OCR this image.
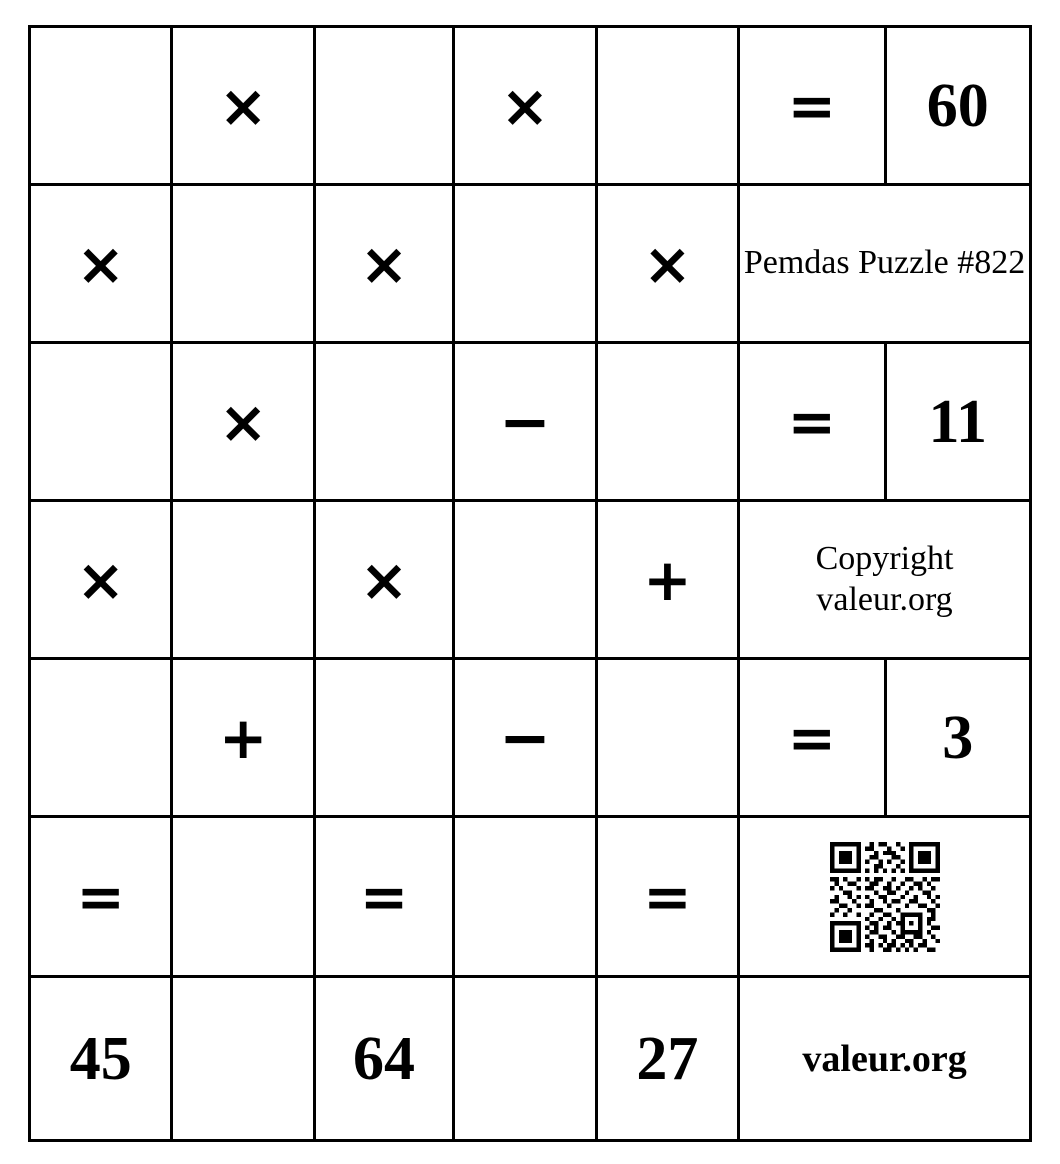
	×		×		=	60
×		×		×	Pemdas Puzzle #822	
	×		−		=	11
×		×		+	Copyright
valeur.org	

	+		−		=	3
=		=		=	

45		64		27	valeur.org	
